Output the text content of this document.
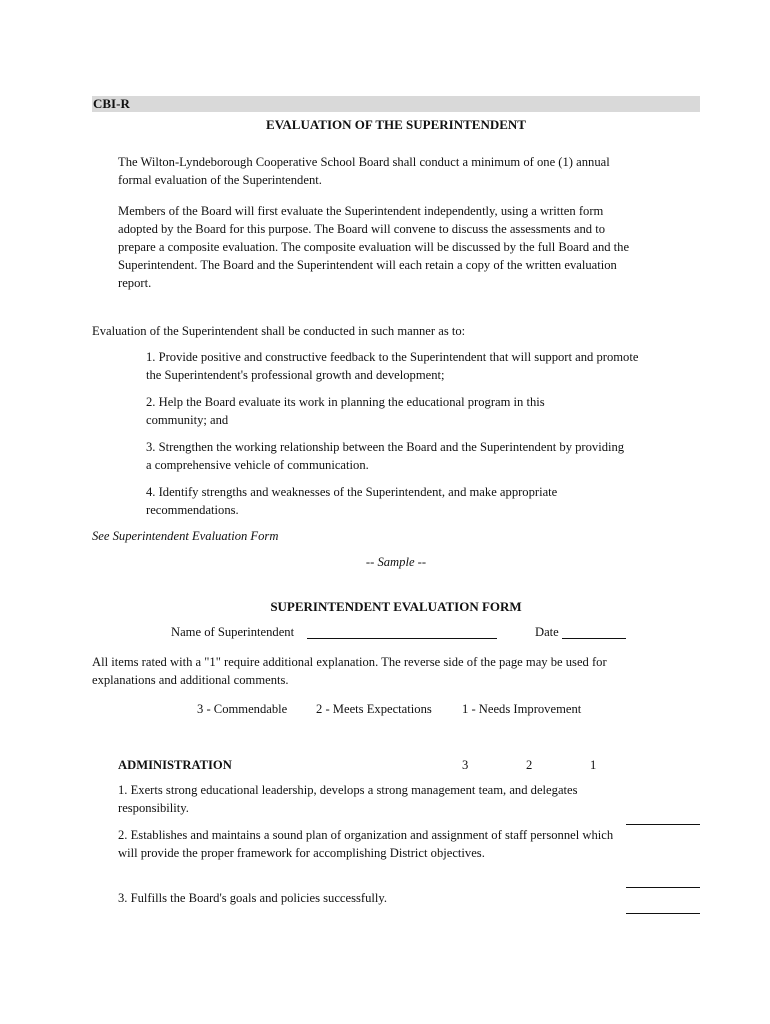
CBI-R
EVALUATION OF THE SUPERINTENDENT

The Wilton-Lyndeborough Cooperative School Board shall conduct a minimum of one (1) annual formal evaluation of the Superintendent.

Members of the Board will first evaluate the Superintendent independently, using a written form adopted by the Board for this purpose. The Board will convene to discuss the assessments and to prepare a composite evaluation. The composite evaluation will be discussed by the full Board and the Superintendent. The Board and the Superintendent will each retain a copy of the written evaluation report.

Evaluation of the Superintendent shall be conducted in such manner as to:

1. Provide positive and constructive feedback to the Superintendent that will support and promote the Superintendent's professional growth and development;

2. Help the Board evaluate its work in planning the educational program in this community; and

3. Strengthen the working relationship between the Board and the Superintendent by providing a comprehensive vehicle of communication.

4. Identify strengths and weaknesses of the Superintendent, and make appropriate recommendations.

See Superintendent Evaluation Form

-- Sample --

SUPERINTENDENT EVALUATION FORM

Name of Superintendent	Date

All items rated with a "1" require additional explanation. The reverse side of the page may be used for explanations and additional comments.

3 - Commendable 2 - Meets Expectations 1 - Needs Improvement

ADMINISTRATION	3	2	1

1. Exerts strong educational leadership, develops a strong management team, and delegates responsibility.

2. Establishes and maintains a sound plan of organization and assignment of staff personnel which will provide the proper framework for accomplishing District objectives.

3. Fulfills the Board's goals and policies successfully.
